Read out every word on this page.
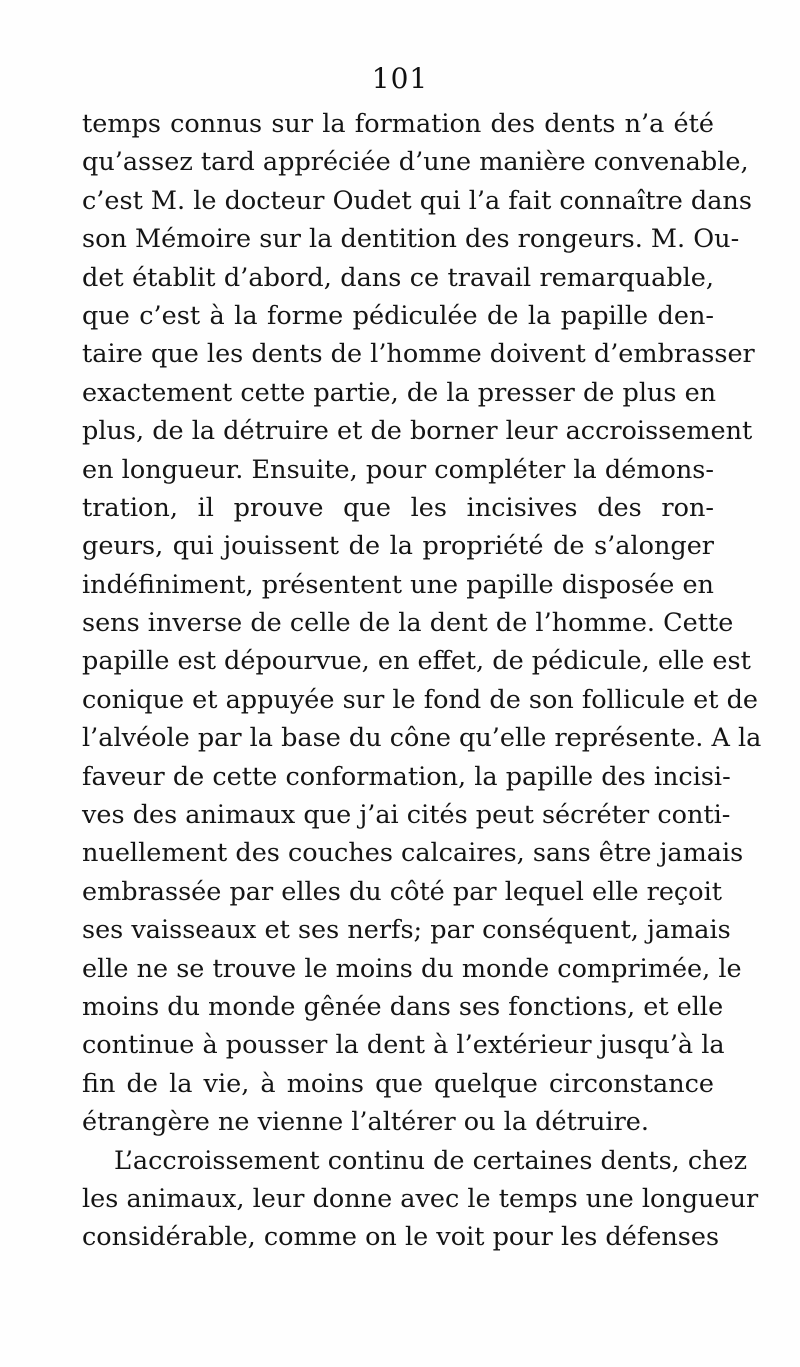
101
temps connus sur la formation des dents n’a été
qu’assez tard appréciée d’une manière convenable,
c’est M. le docteur Oudet qui l’a fait connaître dans
son Mémoire sur la dentition des rongeurs. M. Ou-
det établit d’abord, dans ce travail remarquable,
que c’est à la forme pédiculée de la papille den-
taire que les dents de l’homme doivent d’embrasser
exactement cette partie, de la presser de plus en
plus, de la détruire et de borner leur accroissement
en longueur. Ensuite, pour compléter la démons-
tration, il prouve que les incisives des ron-
geurs, qui jouissent de la propriété de s’alonger
indéfiniment, présentent une papille disposée en
sens inverse de celle de la dent de l’homme. Cette
papille est dépourvue, en effet, de pédicule, elle est
conique et appuyée sur le fond de son follicule et de
l’alvéole par la base du cône qu’elle représente. A la
faveur de cette conformation, la papille des incisi-
ves des animaux que j’ai cités peut sécréter conti-
nuellement des couches calcaires, sans être jamais
embrassée par elles du côté par lequel elle reçoit
ses vaisseaux et ses nerfs; par conséquent, jamais
elle ne se trouve le moins du monde comprimée, le
moins du monde gênée dans ses fonctions, et elle
continue à pousser la dent à l’extérieur jusqu’à la
fin de la vie, à moins que quelque circonstance
étrangère ne vienne l’altérer ou la détruire.
L’accroissement continu de certaines dents, chez
les animaux, leur donne avec le temps une longueur
considérable, comme on le voit pour les défenses
